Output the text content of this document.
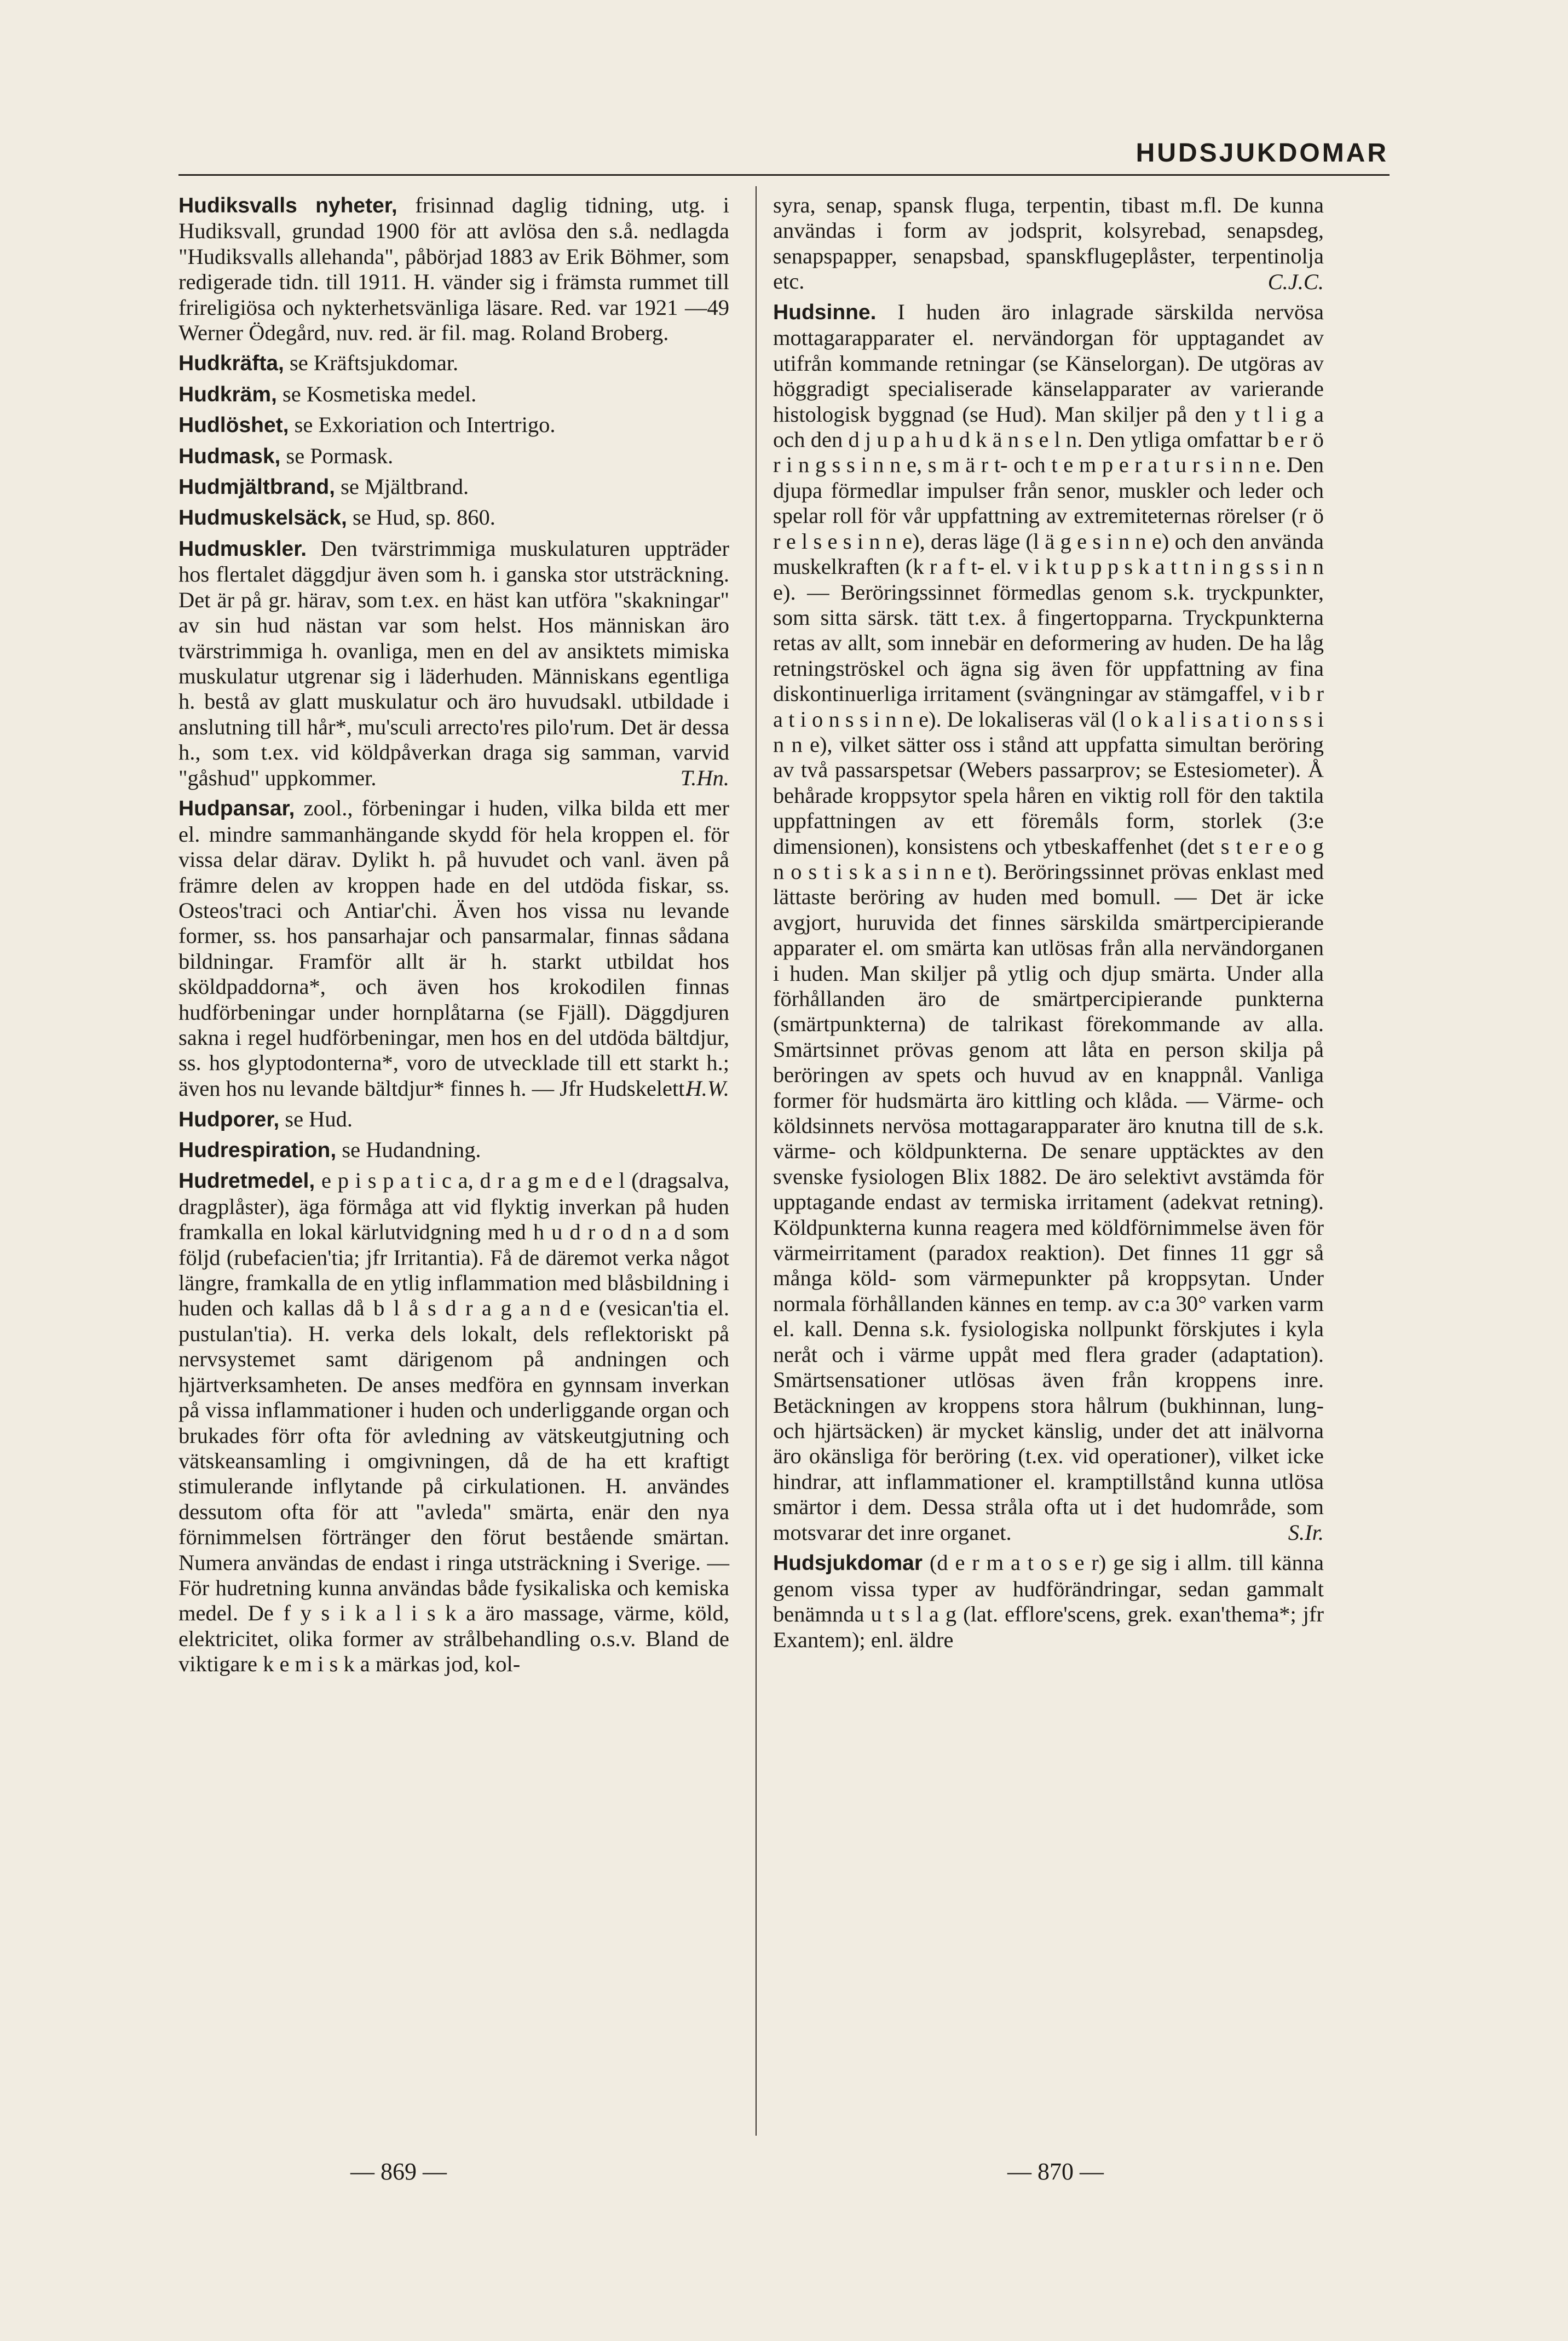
HUDSJUKDOMAR

Hudiksvalls nyheter, frisinnad daglig tidning, utg. i Hudiksvall, grundad 1900 för att avlösa den s.å. nedlagda "Hudiksvalls allehanda", påbörjad 1883 av Erik Böhmer, som redigerade tidn. till 1911. H. vänder sig i främsta rummet till frireligiösa och nykterhetsvänliga läsare. Red. var 1921 —49 Werner Ödegård, nuv. red. är fil. mag. Roland Broberg.

Hudkräfta, se Kräftsjukdomar.

Hudkräm, se Kosmetiska medel.

Hudlöshet, se Exkoriation och Intertrigo.

Hudmask, se Pormask.

Hudmjältbrand, se Mjältbrand.

Hudmuskelsäck, se Hud, sp. 860.

Hudmuskler. Den tvärstrimmiga muskulaturen uppträder hos flertalet däggdjur även som h. i ganska stor utsträckning. Det är på gr. härav, som t.ex. en häst kan utföra "skakningar" av sin hud nästan var som helst. Hos människan äro tvärstrimmiga h. ovanliga, men en del av ansiktets mimiska muskulatur utgrenar sig i läderhuden. Människans egentliga h. bestå av glatt muskulatur och äro huvudsakl. utbildade i anslutning till hår*, mu'sculi arrecto'res pilo'rum. Det är dessa h., som t.ex. vid köldpåverkan draga sig samman, varvid "gåshud" uppkommer.	T.Hn.

Hudpansar, zool., förbeningar i huden, vilka bilda ett mer el. mindre sammanhängande skydd för hela kroppen el. för vissa delar därav. Dylikt h. på huvudet och vanl. även på främre delen av kroppen hade en del utdöda fiskar, ss. Osteos'traci och Antiar'chi. Även hos vissa nu levande former, ss. hos pansarhajar och pansarmalar, finnas sådana bildningar. Framför allt är h. starkt utbildat hos sköldpaddorna*, och även hos krokodilen finnas hudförbeningar under hornplåtarna (se Fjäll). Däggdjuren sakna i regel hudförbeningar, men hos en del utdöda bältdjur, ss. hos glyptodonterna*, voro de utvecklade till ett starkt h.; även hos nu levande bältdjur* finnes h. — Jfr Hudskelett.
H.W.

Hudporer, se Hud.

Hudrespiration, se Hudandning.

Hudretmedel, e p i s p a t i c a, d r a g m e d e l (dragsalva, dragplåster), äga förmåga att vid flyktig inverkan på huden framkalla en lokal kärlutvidgning med h u d r o d n a d som följd (rubefacien'tia; jfr Irritantia). Få de däremot verka något längre, framkalla de en ytlig inflammation med blåsbildning i huden och kallas då b l å s d r a g a n d e (vesican'tia el. pustulan'tia). H. verka dels lokalt, dels reflektoriskt på nervsystemet samt därigenom på andningen och hjärtverksamheten. De anses medföra en gynnsam inverkan på vissa inflammationer i huden och underliggande organ och brukades förr ofta för avledning av vätskeutgjutning och vätskeansamling i omgivningen, då de ha ett kraftigt stimulerande inflytande på cirkulationen. H. användes dessutom ofta för att "avleda" smärta, enär den nya förnimmelsen förtränger den förut bestående smärtan. Numera användas de endast i ringa utsträckning i Sverige. — För hudretning kunna användas både fysikaliska och kemiska medel. De f y s i k a l i s k a äro massage, värme, köld, elektricitet, olika former av strålbehandling o.s.v. Bland de viktigare k e m i s k a märkas jod, kol-

syra, senap, spansk fluga, terpentin, tibast m.fl. De kunna användas i form av jodsprit, kolsyrebad, senapsdeg, senapspapper, senapsbad, spanskflugeplåster, terpentinolja etc.	C.J.C.

Hudsinne. I huden äro inlagrade särskilda nervösa mottagarapparater el. nervändorgan för upptagandet av utifrån kommande retningar (se Känselorgan). De utgöras av höggradigt specialiserade känselapparater av varierande histologisk byggnad (se Hud). Man skiljer på den y t l i g a och den d j u p a h u d k ä n s e l n. Den ytliga omfattar b e r ö r i n g s s i n n e, s m ä r t- och t e m p e r a t u r s i n n e. Den djupa förmedlar impulser från senor, muskler och leder och spelar roll för vår uppfattning av extremiteternas rörelser (r ö r e l s e s i n n e), deras läge (l ä g e s i n n e) och den använda muskelkraften (k r a f t- el. v i k t u p p s k a t t n i n g s s i n n e). — Beröringssinnet förmedlas genom s.k. tryckpunkter, som sitta särsk. tätt t.ex. å fingertopparna. Tryckpunkterna retas av allt, som innebär en deformering av huden. De ha låg retningströskel och ägna sig även för uppfattning av fina diskontinuerliga irritament (svängningar av stämgaffel, v i b r a t i o n s s i n n e). De lokaliseras väl (l o k a l i s a t i o n s s i n n e), vilket sätter oss i stånd att uppfatta simultan beröring av två passarspetsar (Webers passarprov; se Estesiometer). Å behårade kroppsytor spela håren en viktig roll för den taktila uppfattningen av ett föremåls form, storlek (3:e dimensionen), konsistens och ytbeskaffenhet (det s t e r e o g n o s t i s k a s i n n e t). Beröringssinnet prövas enklast med lättaste beröring av huden med bomull. — Det är icke avgjort, huruvida det finnes särskilda smärtpercipierande apparater el. om smärta kan utlösas från alla nervändorganen i huden. Man skiljer på ytlig och djup smärta. Under alla förhållanden äro de smärtpercipierande punkterna (smärtpunkterna) de talrikast förekommande av alla. Smärtsinnet prövas genom att låta en person skilja på beröringen av spets och huvud av en knappnål. Vanliga former för hudsmärta äro kittling och klåda. — Värme- och köldsinnets nervösa mottagarapparater äro knutna till de s.k. värme- och köldpunkterna. De senare upptäcktes av den svenske fysiologen Blix 1882. De äro selektivt avstämda för upptagande endast av termiska irritament (adekvat retning). Köldpunkterna kunna reagera med köldförnimmelse även för värmeirritament (paradox reaktion). Det finnes 11 ggr så många köld- som värmepunkter på kroppsytan. Under normala förhållanden kännes en temp. av c:a 30° varken varm el. kall. Denna s.k. fysiologiska nollpunkt förskjutes i kyla neråt och i värme uppåt med flera grader (adaptation). Smärtsensationer utlösas även från kroppens inre. Betäckningen av kroppens stora hålrum (bukhinnan, lung- och hjärtsäcken) är mycket känslig, under det att inälvorna äro okänsliga för beröring (t.ex. vid operationer), vilket icke hindrar, att inflammationer el. kramptillstånd kunna utlösa smärtor i dem. Dessa stråla ofta ut i det hudområde, som motsvarar det inre organet.	S.Ir.

Hudsjukdomar (d e r m a t o s e r) ge sig i allm. till känna genom vissa typer av hudförändringar, sedan gammalt benämnda u t s l a g (lat. efflore'scens, grek. exan'thema*; jfr Exantem); enl. äldre

— 869 —	— 870 —
